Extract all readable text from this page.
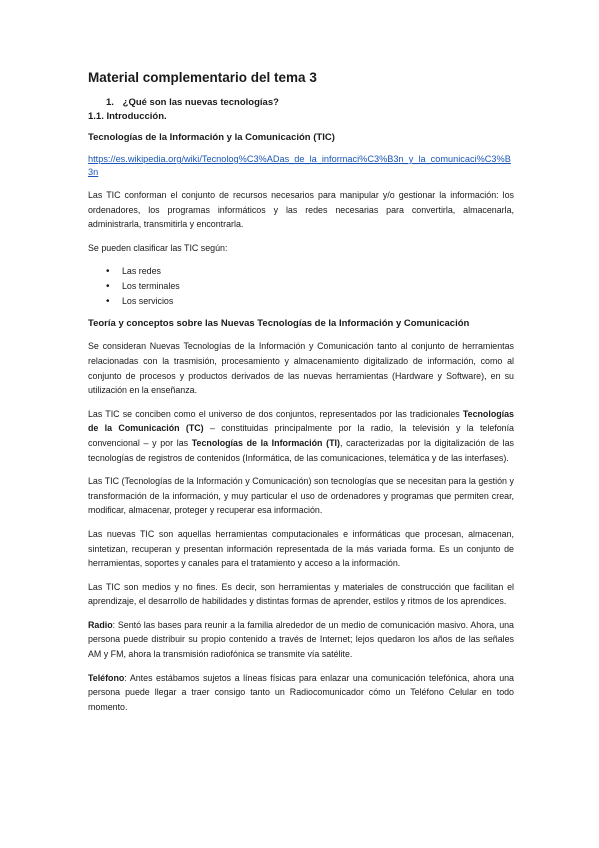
Material complementario del tema 3
1. ¿Qué son las nuevas tecnologías?
1.1. Introducción.
Tecnologías de la Información y la Comunicación (TIC)
https://es.wikipedia.org/wiki/Tecnolog%C3%ADas_de_la_informaci%C3%B3n_y_la_comunicaci%C3%B3n

Las TIC conforman el conjunto de recursos necesarios para manipular y/o gestionar la información: los ordenadores, los programas informáticos y las redes necesarias para convertirla, almacenarla, administrarla, transmitirla y encontrarla.

Se pueden clasificar las TIC según:

• Las redes
• Los terminales
• Los servicios
Teoría y conceptos sobre las Nuevas Tecnologías de la Información y Comunicación

Se consideran Nuevas Tecnologías de la Información y Comunicación tanto al conjunto de herramientas relacionadas con la trasmisión, procesamiento y almacenamiento digitalizado de información, como al conjunto de procesos y productos derivados de las nuevas herramientas (Hardware y Software), en su utilización en la enseñanza.

Las TIC se conciben como el universo de dos conjuntos, representados por las tradicionales Tecnologías de la Comunicación (TC) – constituidas principalmente por la radio, la televisión y la telefonía convencional – y por las Tecnologías de la Información (TI), caracterizadas por la digitalización de las tecnologías de registros de contenidos (Informática, de las comunicaciones, telemática y de las interfases).

Las TIC (Tecnologías de la Información y Comunicación) son tecnologías que se necesitan para la gestión y transformación de la información, y muy particular el uso de ordenadores y programas que permiten crear, modificar, almacenar, proteger y recuperar esa información.

Las nuevas TIC son aquellas herramientas computacionales e informáticas que procesan, almacenan, sintetizan, recuperan y presentan información representada de la más variada forma. Es un conjunto de herramientas, soportes y canales para el tratamiento y acceso a la información.

Las TIC son medios y no fines. Es decir, son herramientas y materiales de construcción que facilitan el aprendizaje, el desarrollo de habilidades y distintas formas de aprender, estilos y ritmos de los aprendices.

Radio: Sentó las bases para reunir a la familia alrededor de un medio de comunicación masivo. Ahora, una persona puede distribuir su propio contenido a través de Internet; lejos quedaron los años de las señales AM y FM, ahora la transmisión radiofónica se transmite vía satélite.

Teléfono: Antes estábamos sujetos a líneas físicas para enlazar una comunicación telefónica, ahora una persona puede llegar a traer consigo tanto un Radiocomunicador cómo un Teléfono Celular en todo momento.
